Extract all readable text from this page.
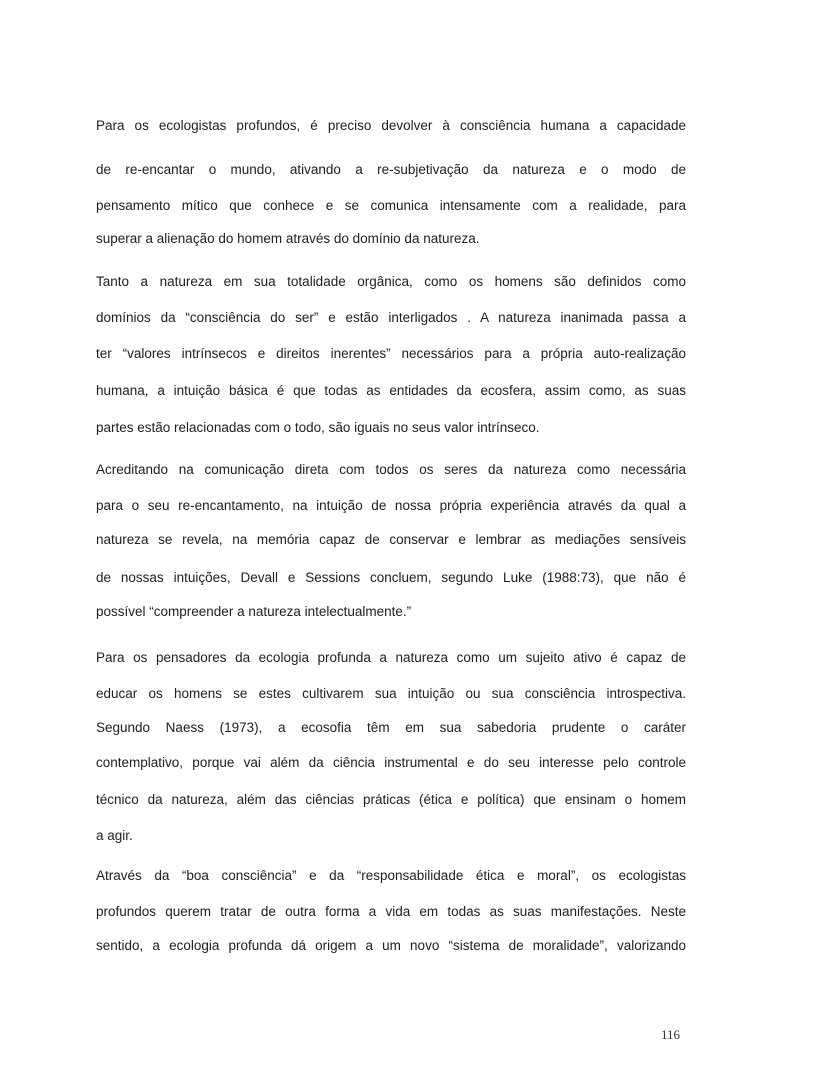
Para os ecologistas profundos, é preciso devolver à consciência humana a capacidade
de re-encantar o mundo, ativando a re-subjetivação da natureza e o modo de
pensamento mítico que conhece e se comunica intensamente com a realidade, para
superar a alienação do homem através do domínio da natureza.
Tanto a natureza em sua totalidade orgânica, como os homens são definidos como
domínios da “consciência do ser” e estão interligados . A natureza inanimada passa a
ter “valores intrínsecos e direitos inerentes” necessários para a própria auto-realização
humana, a intuição básica é que todas as entidades da ecosfera, assim como, as suas
partes estão relacionadas com o todo, são iguais no seus valor intrínseco.
Acreditando na comunicação direta com todos os seres da natureza como necessária
para o seu re-encantamento, na intuição de nossa própria experiência através da qual a
natureza se revela, na memória capaz de conservar e lembrar as mediações sensíveis
de nossas intuições, Devall e Sessions concluem, segundo Luke (1988:73), que não é
possível “compreender a natureza intelectualmente.”
Para os pensadores da ecologia profunda a natureza como um sujeito ativo é capaz de
educar os homens se estes cultivarem sua intuição ou sua consciência introspectiva.
Segundo Naess (1973), a ecosofia têm em sua sabedoria prudente o caráter
contemplativo, porque vai além da ciência instrumental e do seu interesse pelo controle
técnico da natureza, além das ciências práticas (ética e política) que ensinam o homem
a agir.
Através da “boa consciência” e da “responsabilidade ética e moral”, os ecologistas
profundos querem tratar de outra forma a vida em todas as suas manifestações. Neste
sentido, a ecologia profunda dá origem a um novo “sistema de moralidade”, valorizando
116
